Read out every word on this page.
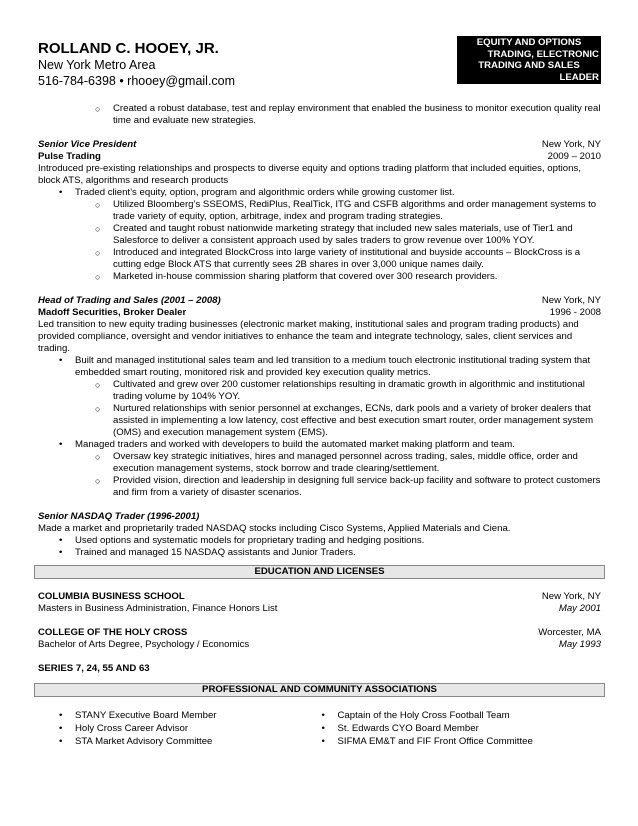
ROLLAND C. HOOEY, JR.
New York Metro Area
516-784-6398 • rhooey@gmail.com
EQUITY AND OPTIONS
TRADING, ELECTRONIC
TRADING AND SALES
LEADER
○ Created a robust database, test and replay environment that enabled the business to monitor execution quality real time and evaluate new strategies.
Senior Vice President	New York, NY
Pulse Trading	2009 – 2010
Introduced pre-existing relationships and prospects to diverse equity and options trading platform that included equities, options, block ATS, algorithms and research products
• Traded client’s equity, option, program and algorithmic orders while growing customer list.
○ Utilized Bloomberg’s SSEOMS, RediPlus, RealTick, ITG and CSFB algorithms and order management systems to trade variety of equity, option, arbitrage, index and program trading strategies.
○ Created and taught robust nationwide marketing strategy that included new sales materials, use of Tier1 and Salesforce to deliver a consistent approach used by sales traders to grow revenue over 100% YOY.
○ Introduced and integrated BlockCross into large variety of institutional and buyside accounts – BlockCross is a cutting edge Block ATS that currently sees 2B shares in over 3,000 unique names daily.
○ Marketed in-house commission sharing platform that covered over 300 research providers.
Head of Trading and Sales (2001 – 2008)	New York, NY
Madoff Securities, Broker Dealer	1996 - 2008
Led transition to new equity trading businesses (electronic market making, institutional sales and program trading products) and provided compliance, oversight and vendor initiatives to enhance the team and integrate technology, sales, client services and trading.
• Built and managed institutional sales team and led transition to a medium touch electronic institutional trading system that embedded smart routing, monitored risk and provided key execution quality metrics.
○ Cultivated and grew over 200 customer relationships resulting in dramatic growth in algorithmic and institutional trading volume by 104% YOY.
○ Nurtured relationships with senior personnel at exchanges, ECNs, dark pools and a variety of broker dealers that assisted in implementing a low latency, cost effective and best execution smart router, order management system (OMS) and execution management system (EMS).
• Managed traders and worked with developers to build the automated market making platform and team.
○ Oversaw key strategic initiatives, hires and managed personnel across trading, sales, middle office, order and execution management systems, stock borrow and trade clearing/settlement.
○ Provided vision, direction and leadership in designing full service back-up facility and software to protect customers and firm from a variety of disaster scenarios.
Senior NASDAQ Trader (1996-2001)
Made a market and proprietarily traded NASDAQ stocks including Cisco Systems, Applied Materials and Ciena.
• Used options and systematic models for proprietary trading and hedging positions.
• Trained and managed 15 NASDAQ assistants and Junior Traders.
EDUCATION AND LICENSES
COLUMBIA BUSINESS SCHOOL	New York, NY
Masters in Business Administration, Finance Honors List	May 2001
COLLEGE OF THE HOLY CROSS	Worcester, MA
Bachelor of Arts Degree, Psychology / Economics	May 1993
SERIES 7, 24, 55 AND 63
PROFESSIONAL AND COMMUNITY ASSOCIATIONS
• STANY Executive Board Member
• Holy Cross Career Advisor
• STA Market Advisory Committee
• Captain of the Holy Cross Football Team
• St. Edwards CYO Board Member
• SIFMA EM&T and FIF Front Office Committee
